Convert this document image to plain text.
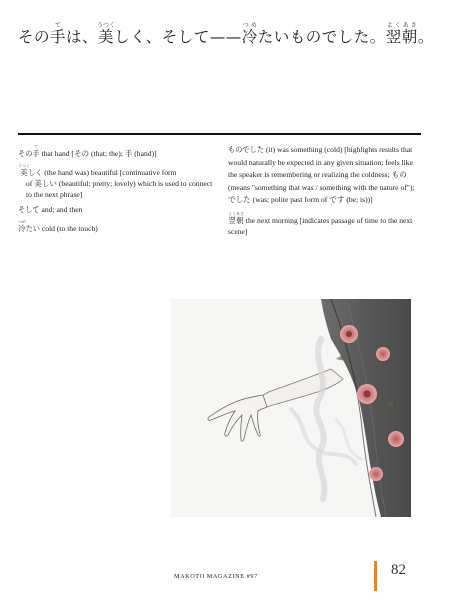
その手ては、美うつくしく、そして——冷つめたいものでした。翌朝よくあさ。
その手て that hand [その (that; the); 手 (hand)]
美うつくしく (the hand was) beautiful [continuative form
of 美しい (beautiful; pretty; lovely) which is used to connect to the next phrase]
そして and; and then
冷つめたい cold (to the touch)
ものでした (it) was something (cold) [highlights results that would naturally be expected in any given situation; feels like the speaker is remembering or realizing the coldness; もの (means "something that was / something with the nature of"); でした (was; polite past form of です (be; is))]
翌朝よくあさ the next morning [indicates passage of time to the next scene]
MAKOTO MAGAZINE #97	82
